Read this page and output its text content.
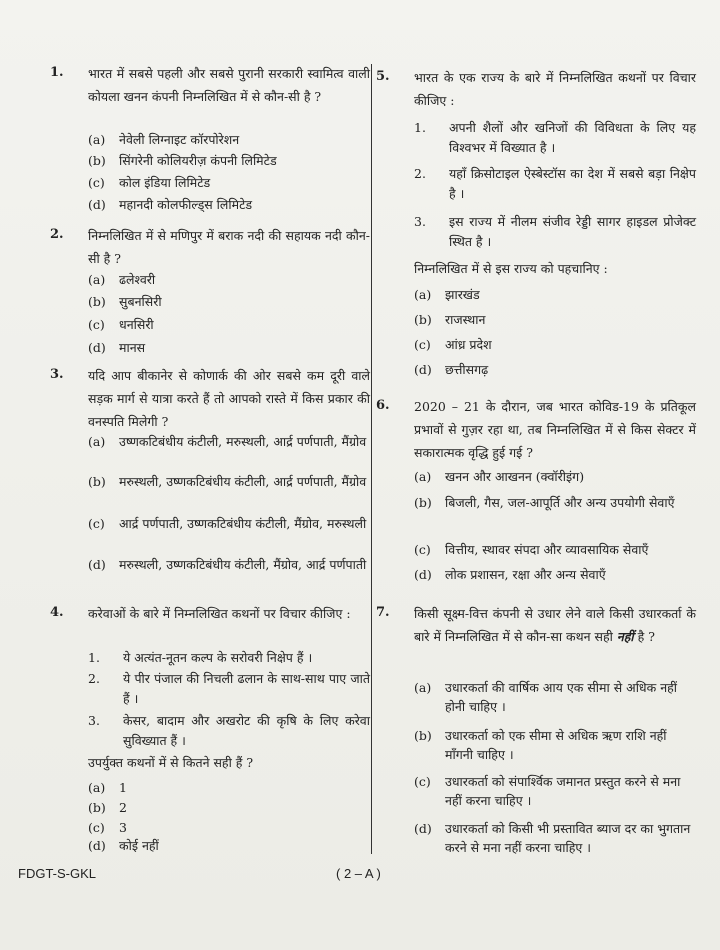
1. भारत में सबसे पहली और सबसे पुरानी सरकारी स्वामित्व वाली कोयला खनन कंपनी निम्नलिखित में से कौन-सी है ?
(a)	नेवेली लिग्नाइट कॉरपोरेशन
(b)	सिंगरेनी कोलियरीज़ कंपनी लिमिटेड
(c)	कोल इंडिया लिमिटेड
(d)	महानदी कोलफील्ड्स लिमिटेड
2. निम्नलिखित में से मणिपुर में बराक नदी की सहायक नदी कौन-सी है ?
(a)	ढलेश्वरी
(b)	सुबनसिरी
(c)	धनसिरी
(d)	मानस
3. यदि आप बीकानेर से कोणार्क की ओर सबसे कम दूरी वाले सड़क मार्ग से यात्रा करते हैं तो आपको रास्ते में किस प्रकार की वनस्पति मिलेगी ?
(a)	उष्णकटिबंधीय कंटीली, मरुस्थली, आर्द्र पर्णपाती, मैंग्रोव
(b)	मरुस्थली, उष्णकटिबंधीय कंटीली, आर्द्र पर्णपाती, मैंग्रोव
(c)	आर्द्र पर्णपाती, उष्णकटिबंधीय कंटीली, मैंग्रोव, मरुस्थली
(d)	मरुस्थली, उष्णकटिबंधीय कंटीली, मैंग्रोव, आर्द्र पर्णपाती
4. करेवाओं के बारे में निम्नलिखित कथनों पर विचार कीजिए :
1.	ये अत्यंत-नूतन कल्प के सरोवरी निक्षेप हैं ।
2.	ये पीर पंजाल की निचली ढलान के साथ-साथ पाए जाते हैं ।
3.	केसर, बादाम और अखरोट की कृषि के लिए करेवा सुविख्यात हैं ।
उपर्युक्त कथनों में से कितने सही हैं ?
(a)	1
(b)	2
(c)	3
(d)	कोई नहीं
5. भारत के एक राज्य के बारे में निम्नलिखित कथनों पर विचार कीजिए :
1.	अपनी शैलों और खनिजों की विविधता के लिए यह विश्वभर में विख्यात है ।
2.	यहाँ क्रिसोटाइल ऐस्बेस्टॉस का देश में सबसे बड़ा निक्षेप है ।
3.	इस राज्य में नीलम संजीव रेड्डी सागर हाइडल प्रोजेक्ट स्थित है ।
निम्नलिखित में से इस राज्य को पहचानिए :
(a)	झारखंड
(b)	राजस्थान
(c)	आंध्र प्रदेश
(d)	छत्तीसगढ़
6. 2020 – 21 के दौरान, जब भारत कोविड-19 के प्रतिकूल प्रभावों से गुज़र रहा था, तब निम्नलिखित में से किस सेक्टर में सकारात्मक वृद्धि हुई गई ?
(a)	खनन और आखनन (क्वॉरीइंग)
(b)	बिजली, गैस, जल-आपूर्ति और अन्य उपयोगी सेवाएँ
(c)	वित्तीय, स्थावर संपदा और व्यावसायिक सेवाएँ
(d)	लोक प्रशासन, रक्षा और अन्य सेवाएँ
7. किसी सूक्ष्म-वित्त कंपनी से उधार लेने वाले किसी उधारकर्ता के बारे में निम्नलिखित में से कौन-सा कथन सही नहीं है ?
(a)	उधारकर्ता की वार्षिक आय एक सीमा से अधिक नहीं होनी चाहिए ।
(b)	उधारकर्ता को एक सीमा से अधिक ऋण राशि नहीं माँगनी चाहिए ।
(c)	उधारकर्ता को संपार्श्विक जमानत प्रस्तुत करने से मना नहीं करना चाहिए ।
(d)	उधारकर्ता को किसी भी प्रस्तावित ब्याज दर का भुगतान करने से मना नहीं करना चाहिए ।
FDGT-S-GKL	( 2 – A )
